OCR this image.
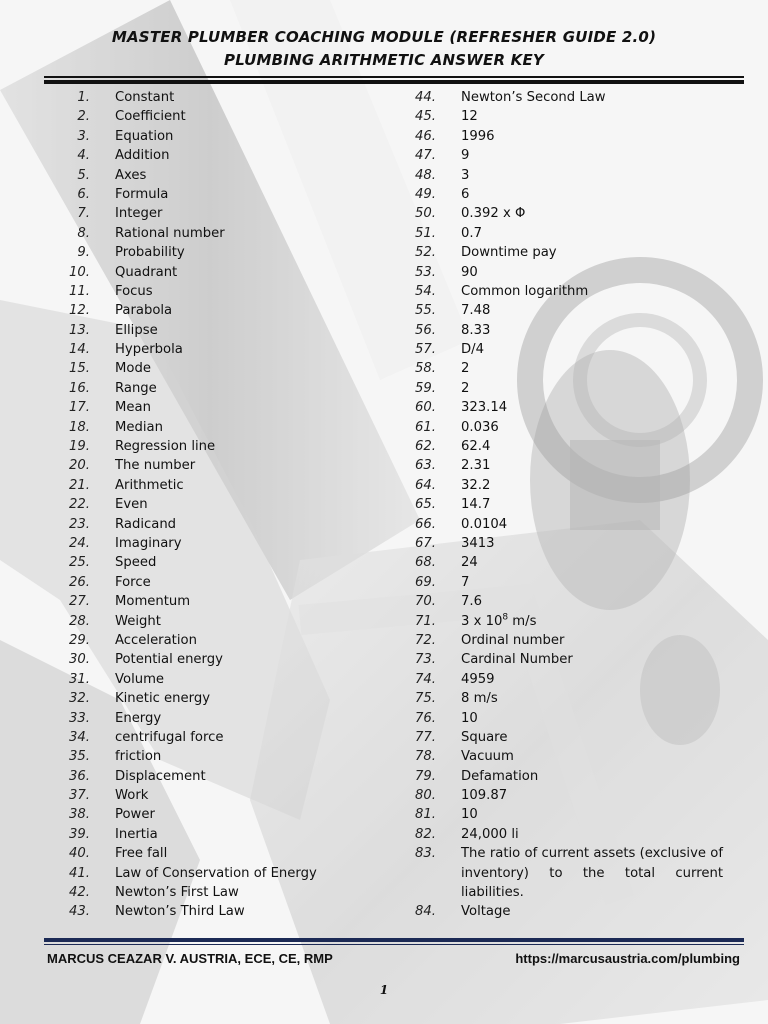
MASTER PLUMBER COACHING MODULE (REFRESHER GUIDE 2.0)
PLUMBING ARITHMETIC ANSWER KEY
1.	Constant
2.	Coefficient
3.	Equation
4.	Addition
5.	Axes
6.	Formula
7.	Integer
8.	Rational number
9.	Probability
10.	Quadrant
11.	Focus
12.	Parabola
13.	Ellipse
14.	Hyperbola
15.	Mode
16.	Range
17.	Mean
18.	Median
19.	Regression line
20.	The number
21.	Arithmetic
22.	Even
23.	Radicand
24.	Imaginary
25.	Speed
26.	Force
27.	Momentum
28.	Weight
29.	Acceleration
30.	Potential energy
31.	Volume
32.	Kinetic energy
33.	Energy
34.	centrifugal force
35.	friction
36.	Displacement
37.	Work
38.	Power
39.	Inertia
40.	Free fall
41.	Law of Conservation of Energy
42.	Newton’s First Law
43.	Newton’s Third Law
44.	Newton’s Second Law
45.	12
46.	1996
47.	9
48.	3
49.	6
50.	0.392 x Φ
51.	0.7
52.	Downtime pay
53.	90
54.	Common logarithm
55.	7.48
56.	8.33
57.	D/4
58.	2
59.	2
60.	323.14
61.	0.036
62.	62.4
63.	2.31
64.	32.2
65.	14.7
66.	0.0104
67.	3413
68.	24
69.	7
70.	7.6
71.	3 x $10^8$ m/s
72.	Ordinal number
73.	Cardinal Number
74.	4959
75.	8 m/s
76.	10
77.	Square
78.	Vacuum
79.	Defamation
80.	109.87
81.	10
82.	24,000 li
83.	The ratio of current assets (exclusive of inventory) to the total current liabilities.
84.	Voltage
MARCUS CEAZAR V. AUSTRIA, ECE, CE, RMP	https://marcusaustria.com/plumbing
1
